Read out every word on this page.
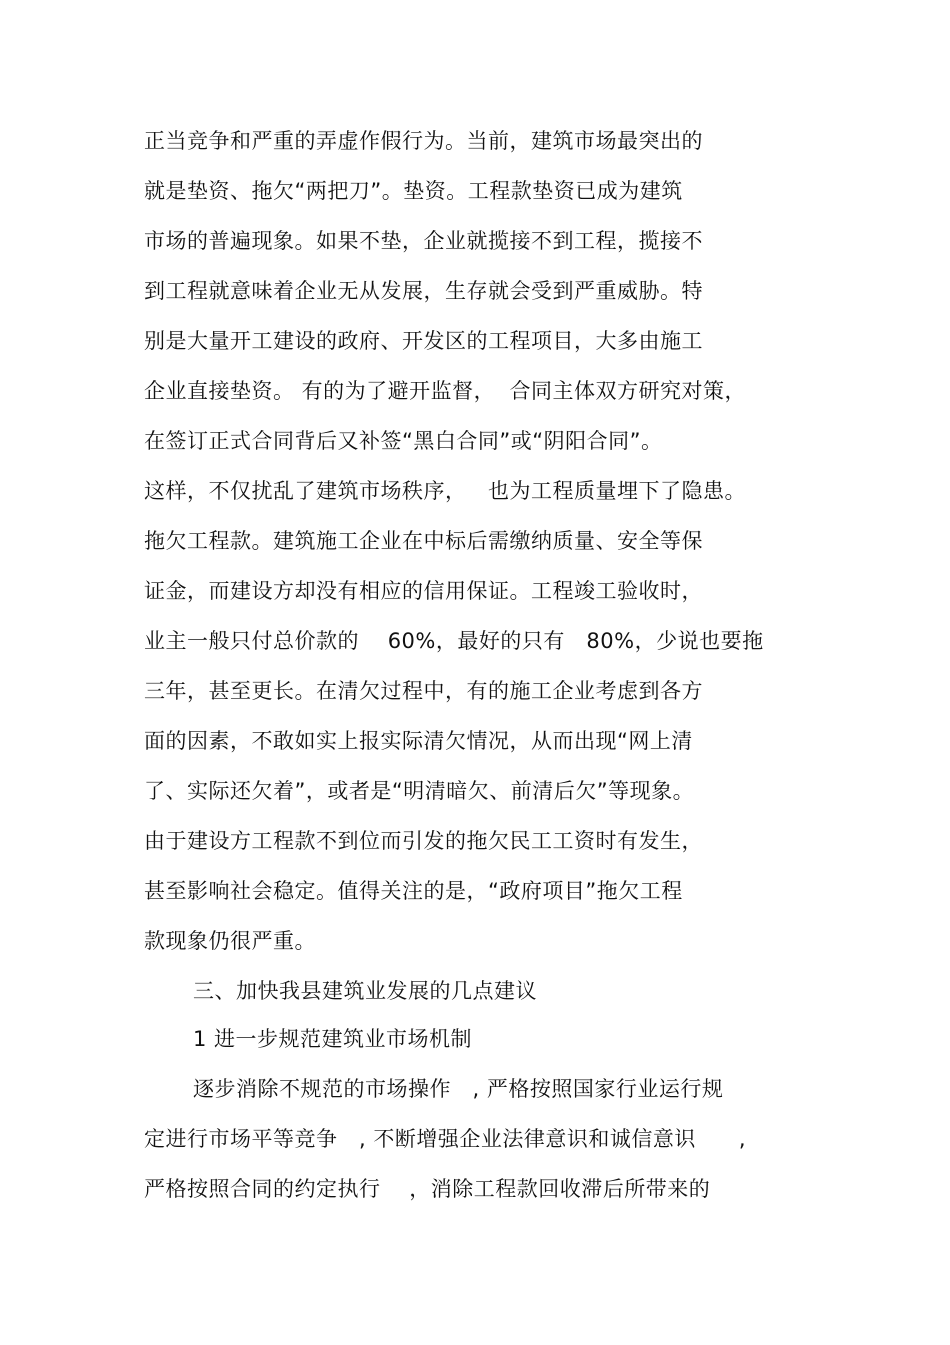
正当竞争和严重的弄虚作假行为。当前，建筑市场最突出的
就是垫资、拖欠“两把刀”。垫资。工程款垫资已成为建筑
市场的普遍现象。如果不垫，企业就揽接不到工程，揽接不
到工程就意味着企业无从发展，生存就会受到严重威胁。特
别是大量开工建设的政府、开发区的工程项目，大多由施工
企业直接垫资。 有的为了避开监督，  合同主体双方研究对策，
在签订正式合同背后又补签“黑白合同”或“阴阳合同”。
这样，不仅扰乱了建筑市场秩序，   也为工程质量埋下了隐患。
拖欠工程款。建筑施工企业在中标后需缴纳质量、安全等保
证金，而建设方却没有相应的信用保证。工程竣工验收时，
业主一般只付总价款的    60%，最好的只有   80%，少说也要拖
三年，甚至更长。在清欠过程中，有的施工企业考虑到各方
面的因素，不敢如实上报实际清欠情况，从而出现“网上清
了、实际还欠着”，或者是“明清暗欠、前清后欠”等现象。
由于建设方工程款不到位而引发的拖欠民工工资时有发生，
甚至影响社会稳定。值得关注的是，“政府项目”拖欠工程
款现象仍很严重。
三、加快我县建筑业发展的几点建议
1 进一步规范建筑业市场机制
逐步消除不规范的市场操作   , 严格按照国家行业运行规
定进行市场平等竞争   , 不断增强企业法律意识和诚信意识      ,
严格按照合同的约定执行    ，消除工程款回收滞后所带来的
